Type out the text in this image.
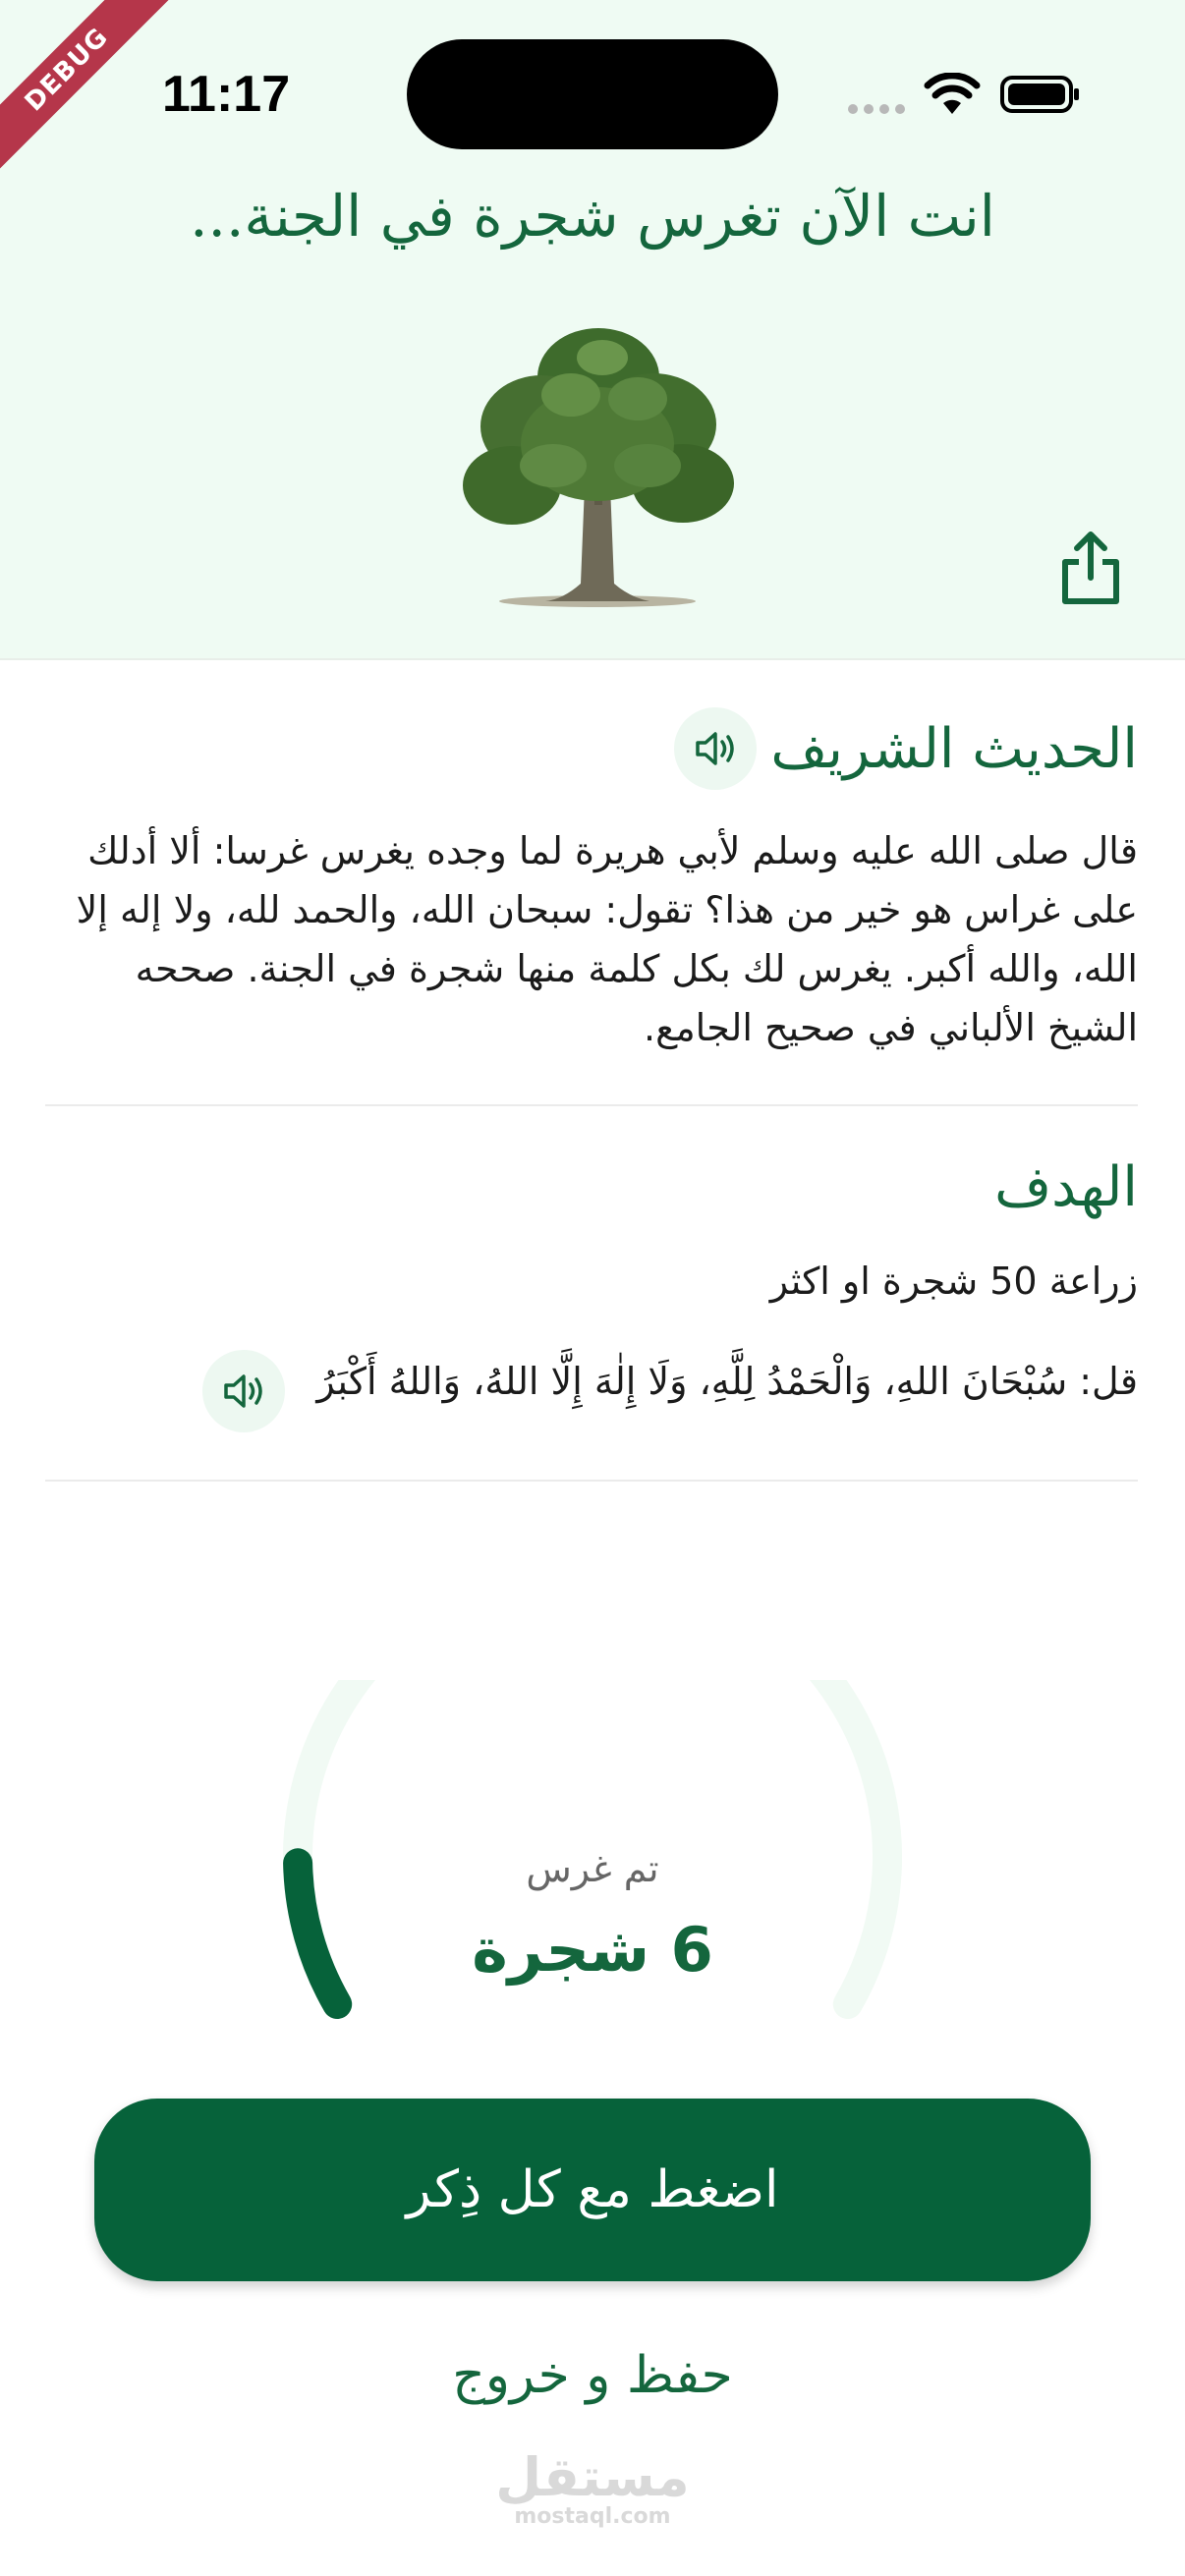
DEBUG 11:17
انت الآن تغرس شجرة في الجنة...
الحديث الشريف
قال صلى الله عليه وسلم لأبي هريرة لما وجده يغرس غرسا: ألا أدلك على غراس هو خير من هذا؟ تقول: سبحان الله، والحمد لله، ولا إله إلا الله، والله أكبر. يغرس لك بكل كلمة منها شجرة في الجنة. صححه الشيخ الألباني في صحيح الجامع.
الهدف
زراعة 50 شجرة او اكثر
قل: سُبْحَانَ اللهِ، وَالْحَمْدُ لِلَّهِ، وَلَا إِلٰهَ إِلَّا اللهُ، وَاللهُ أَكْبَرُ
تم غرس
6 شجرة
اضغط مع كل ذِكر
حفظ و خروج
مستقل
mostaql.com
